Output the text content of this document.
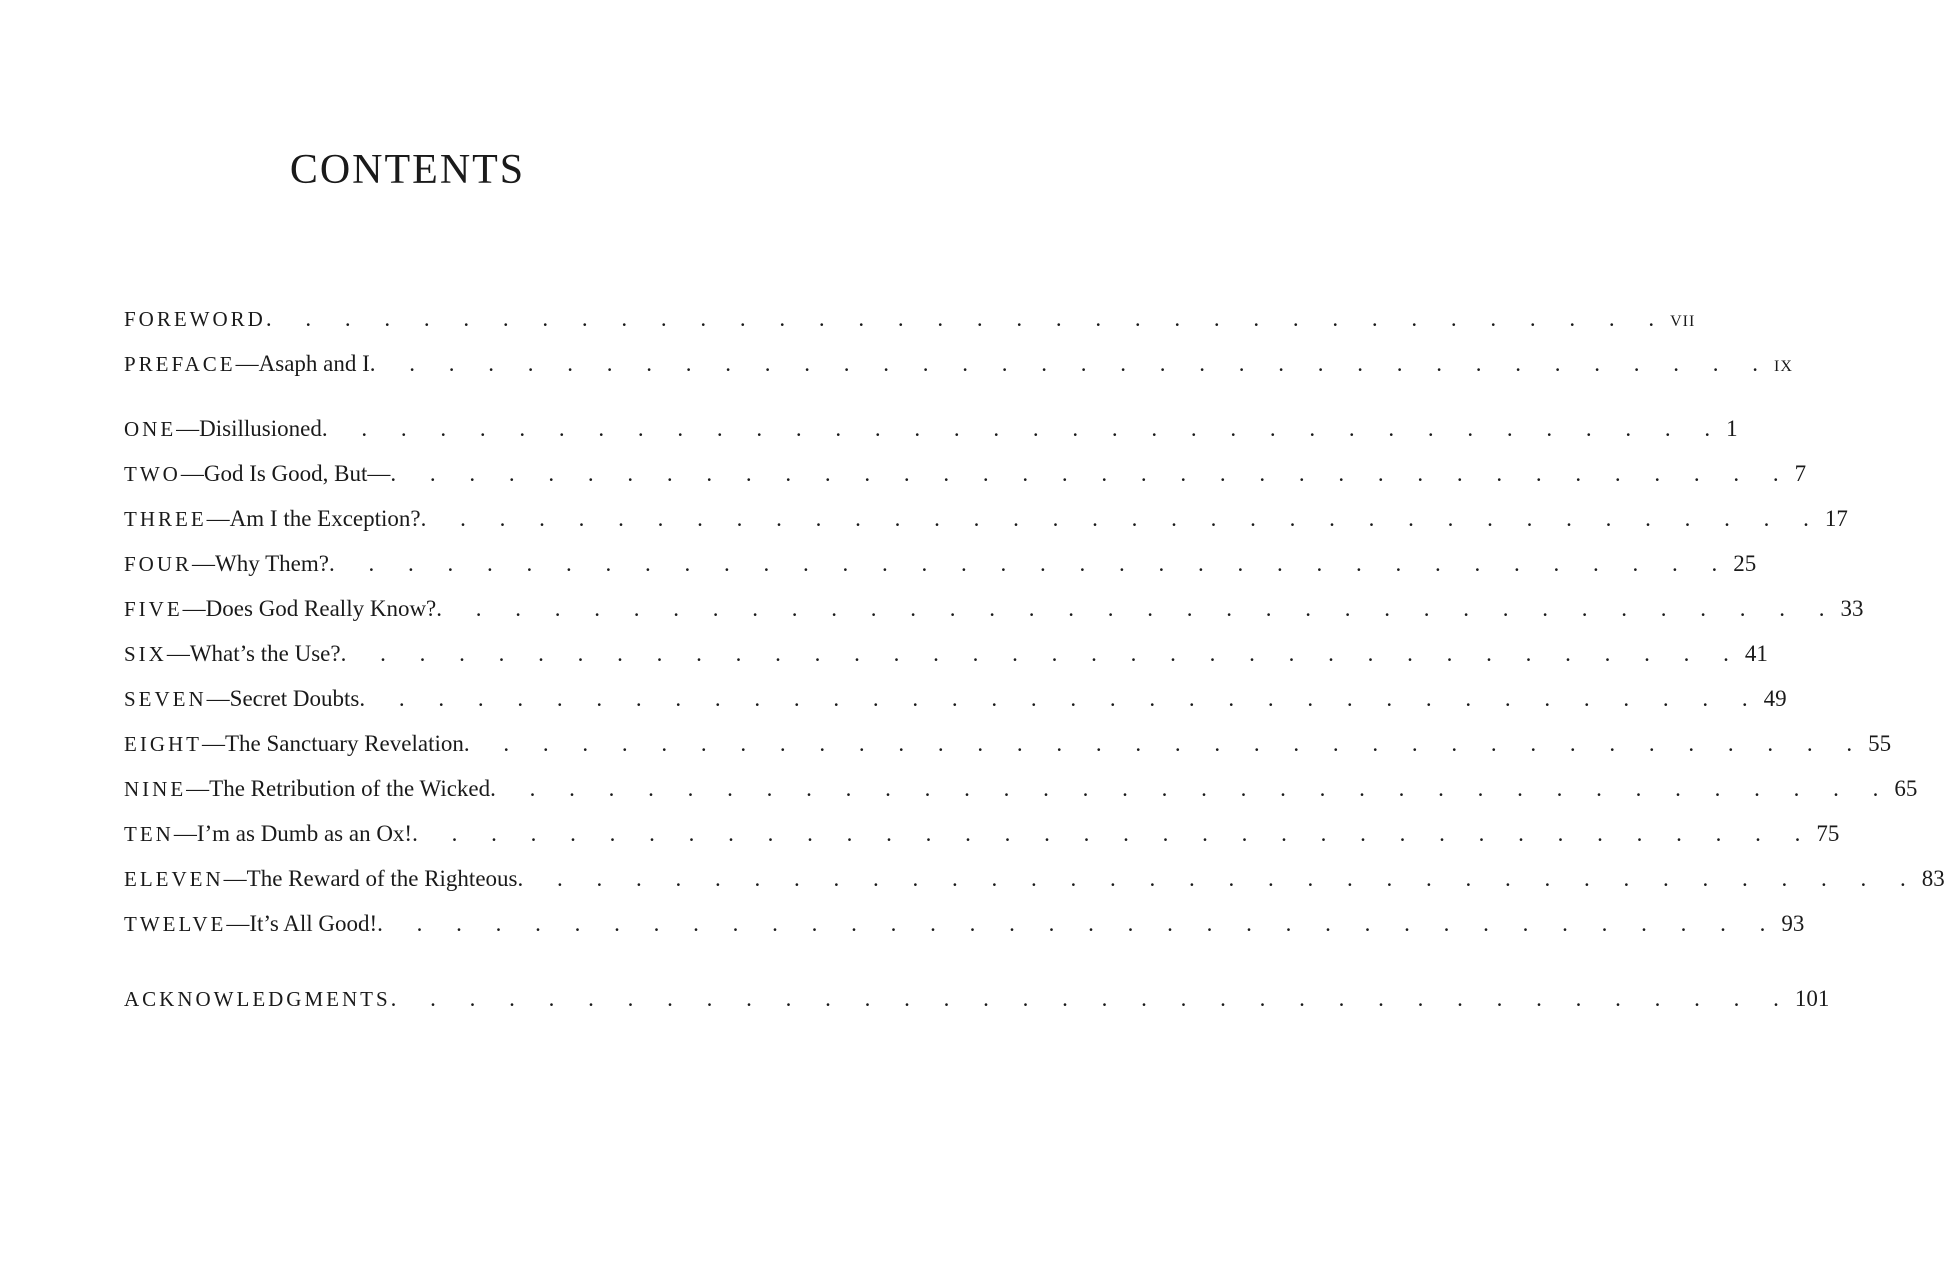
CONTENTS
FOREWORD . . . . . . . . . . . . . . . . . . . . . . . . . . . . . . . . . . . . vii
PREFACE —Asaph and I . . . . . . . . . . . . . . . . . . . . . . . . . . . . . . . . . . . . ix
ONE —Disillusioned . . . . . . . . . . . . . . . . . . . . . . . . . . . . . . . . . . . . 1
TWO —God Is Good, But— . . . . . . . . . . . . . . . . . . . . . . . . . . . . . . . . . . . . 7
THREE —Am I the Exception? . . . . . . . . . . . . . . . . . . . . . . . . . . . . . . . . . . . . 17
FOUR —Why Them? . . . . . . . . . . . . . . . . . . . . . . . . . . . . . . . . . . . . 25
FIVE —Does God Really Know? . . . . . . . . . . . . . . . . . . . . . . . . . . . . . . . . . . . . 33
SIX —What’s the Use? . . . . . . . . . . . . . . . . . . . . . . . . . . . . . . . . . . . . 41
SEVEN —Secret Doubts . . . . . . . . . . . . . . . . . . . . . . . . . . . . . . . . . . . . 49
EIGHT —The Sanctuary Revelation . . . . . . . . . . . . . . . . . . . . . . . . . . . . . . . . . . . . 55
NINE —The Retribution of the Wicked . . . . . . . . . . . . . . . . . . . . . . . . . . . . . . . . . . . . 65
TEN —I’m as Dumb as an Ox! . . . . . . . . . . . . . . . . . . . . . . . . . . . . . . . . . . . . 75
ELEVEN —The Reward of the Righteous . . . . . . . . . . . . . . . . . . . . . . . . . . . . . . . . . . . . 83
TWELVE —It’s All Good! . . . . . . . . . . . . . . . . . . . . . . . . . . . . . . . . . . . . 93
ACKNOWLEDGMENTS . . . . . . . . . . . . . . . . . . . . . . . . . . . . . . . . . . . . 101
